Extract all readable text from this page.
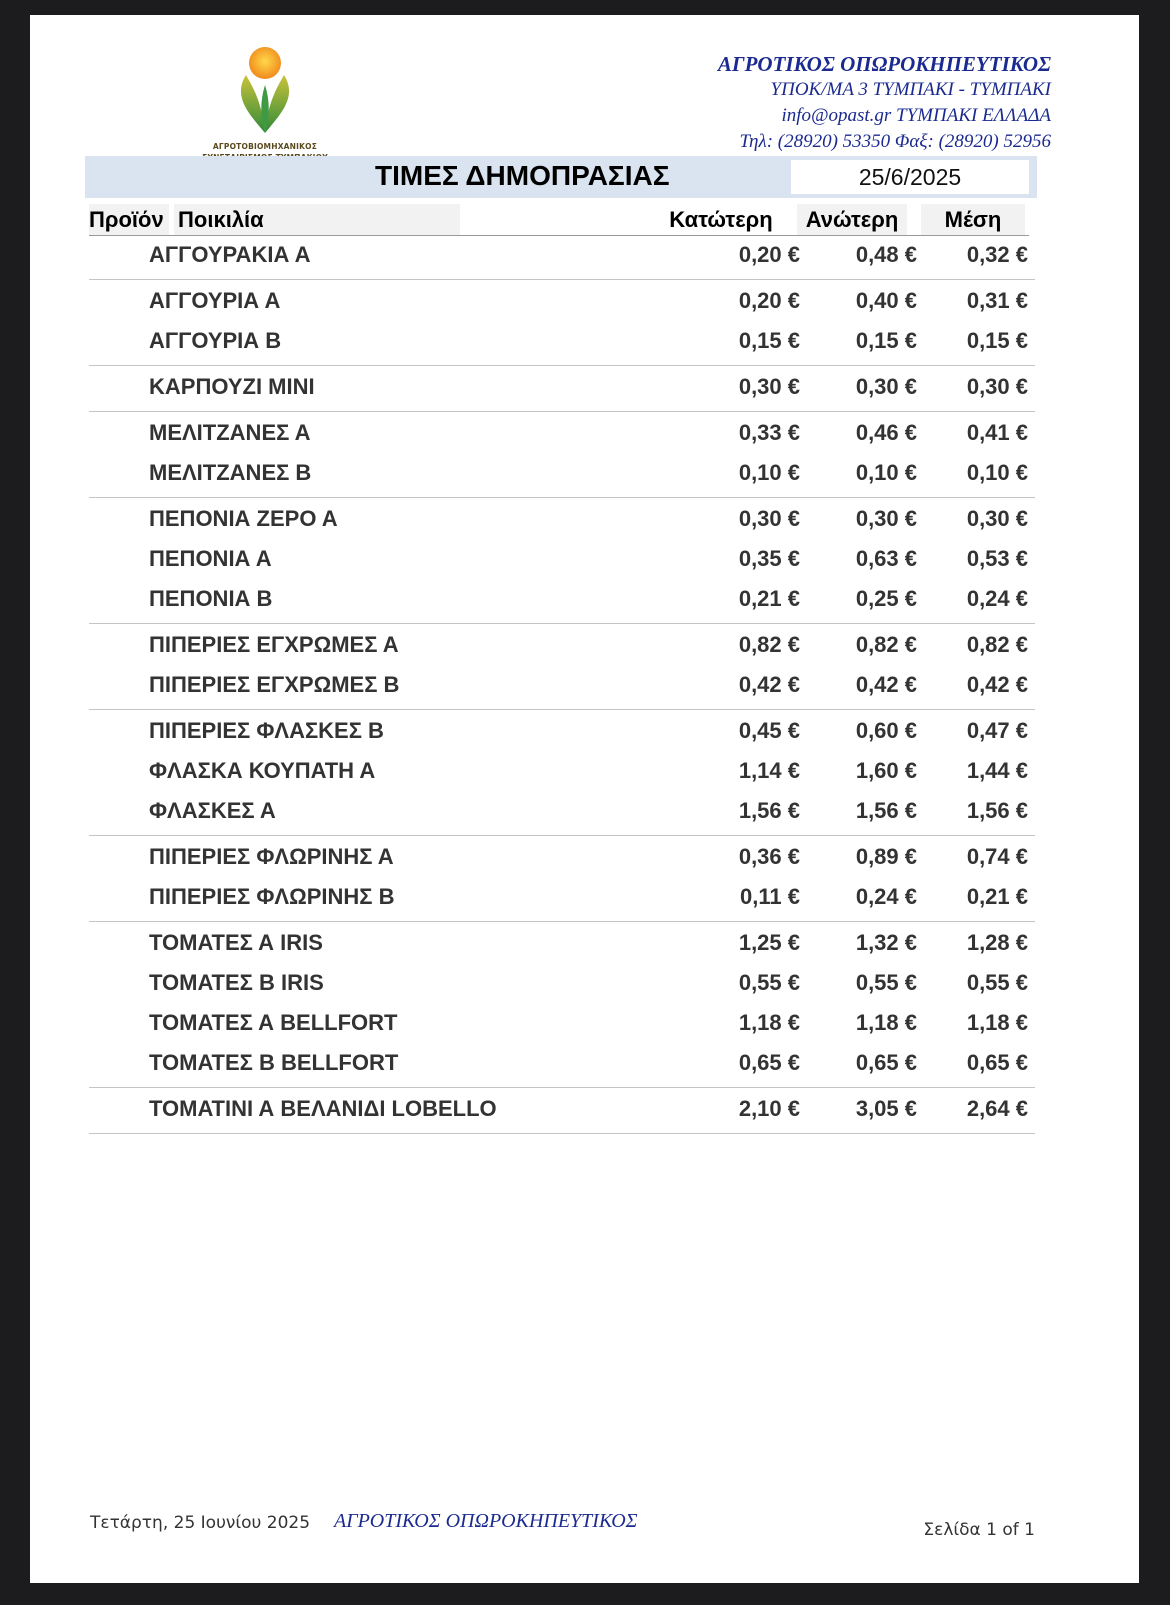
ΑΓΡΟΤΟΒΙΟΜΗΧΑΝΙΚΟΣ
ΑΓΡΟΤΙΚΟΣ ΟΠΩΡΟΚΗΠΕΥΤΙΚΟΣ
ΥΠΟΚ/ΜΑ 3 ΤΥΜΠΑΚΙ - ΤΥΜΠΑΚΙ
info@opast.gr ΤΥΜΠΑΚΙ ΕΛΛΑΔΑ
Τηλ: (28920) 53350 Φαξ: (28920) 52956
ΤΙΜΕΣ ΔΗΜΟΠΡΑΣΙΑΣ	25/6/2025
Προϊόν Ποικιλία	Κατώτερη	Ανώτερη	Μέση
ΑΓΓΟΥΡΑΚΙΑ Α	0,20 €	0,48 € 0,32 €
ΑΓΓΟΥΡΙΑ Α	0,20 €	0,40 € 0,31 €
ΑΓΓΟΥΡΙΑ Β	0,15 €	0,15 € 0,15 €
ΚΑΡΠΟΥΖΙ ΜΙΝΙ	0,30 €	0,30 € 0,30 €
ΜΕΛΙΤΖΑΝΕΣ Α	0,33 €	0,46 € 0,41 €
ΜΕΛΙΤΖΑΝΕΣ Β	0,10 €	0,10 € 0,10 €
ΠΕΠΟΝΙΑ ΖΕΡΟ Α	0,30 €	0,30 € 0,30 €
ΠΕΠΟΝΙΑ Α	0,35 €	0,63 € 0,53 €
ΠΕΠΟΝΙΑ Β	0,21 €	0,25 € 0,24 €
ΠΙΠΕΡΙΕΣ ΕΓΧΡΩΜΕΣ Α	0,82 €	0,82 € 0,82 €
ΠΙΠΕΡΙΕΣ ΕΓΧΡΩΜΕΣ Β	0,42 €	0,42 € 0,42 €
ΠΙΠΕΡΙΕΣ ΦΛΑΣΚΕΣ Β	0,45 €	0,60 € 0,47 €
ΦΛΑΣΚΑ ΚΟΥΠΑΤΗ Α	1,14 €	1,60 € 1,44 €
ΦΛΑΣΚΕΣ Α	1,56 €	1,56 € 1,56 €
ΠΙΠΕΡΙΕΣ ΦΛΩΡΙΝΗΣ Α	0,36 €	0,89 € 0,74 €
ΠΙΠΕΡΙΕΣ ΦΛΩΡΙΝΗΣ Β	0,11 €	0,24 € 0,21 €
ΤΟΜΑΤΕΣ Α IRIS	1,25 €	1,32 € 1,28 €
ΤΟΜΑΤΕΣ Β IRIS	0,55 €	0,55 € 0,55 €
ΤΟΜΑΤΕΣ Α BELLFORT	1,18 €	1,18 € 1,18 €
ΤΟΜΑΤΕΣ Β BELLFORT	0,65 €	0,65 € 0,65 €
ΤΟΜΑΤΙΝΙ Α ΒΕΛΑΝΙΔΙ LOBELLO	2,10 €	3,05 € 2,64 €
Τετάρτη, 25 Ιουνίου 2025 ΑΓΡΟΤΙΚΟΣ ΟΠΩΡΟΚΗΠΕΥΤΙΚΟΣ	Σελίδα 1 of 1
